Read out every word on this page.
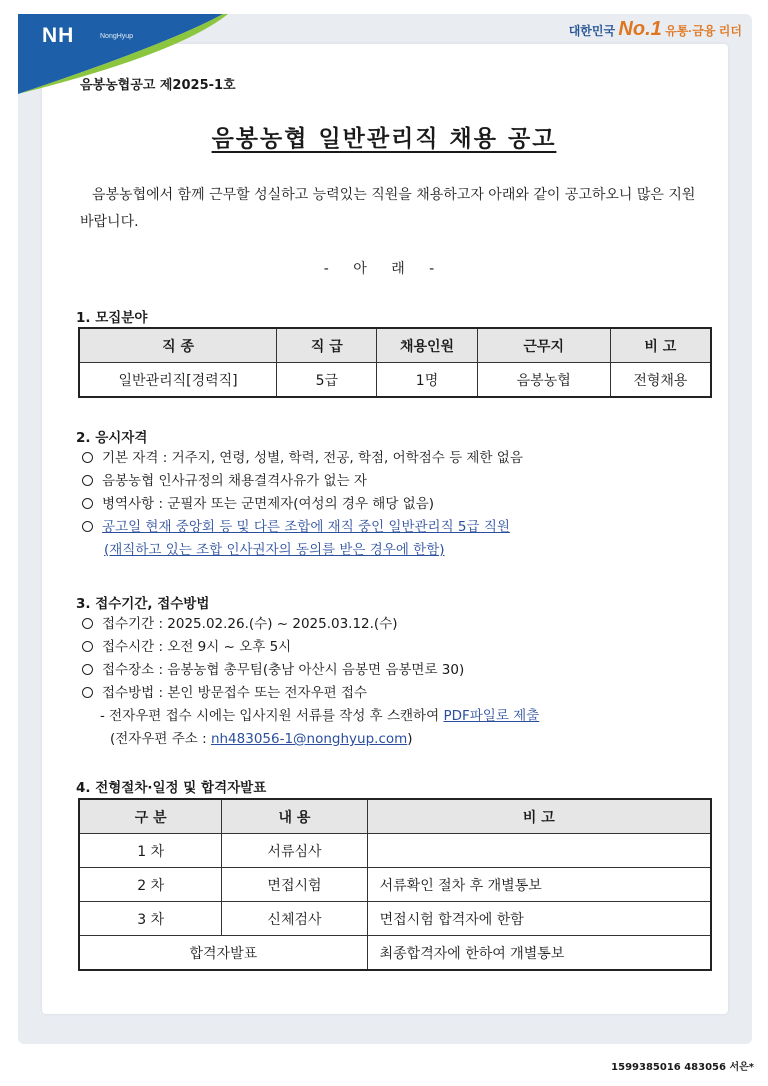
NH	NongHyup	대한민국 No.1 유통·금융 리더
음봉농협공고 제2025-1호
음봉농협 일반관리직 채용 공고
음봉농협에서 함께 근무할 성실하고 능력있는 직원을 채용하고자 아래와 같이 공고하오니 많은 지원바랍니다.
- 아 래 -
1. 모집분야
직 종	직 급	채용인원	근무지	비 고
일반관리직[경력직]	5급	1명	음봉농협	전형채용
2. 응시자격
기본 자격 : 거주지, 연령, 성별, 학력, 전공, 학점, 어학점수 등 제한 없음
음봉농협 인사규정의 채용결격사유가 없는 자
병역사항 : 군필자 또는 군면제자(여성의 경우 해당 없음)
공고일 현재 중앙회 등 및 다른 조합에 재직 중인 일반관리직 5급 직원
(재직하고 있는 조합 인사권자의 동의를 받은 경우에 한함)
3. 접수기간, 접수방법
접수기간 : 2025.02.26.(수) ~ 2025.03.12.(수)
접수시간 : 오전 9시 ~ 오후 5시
접수장소 : 음봉농협 총무팀(충남 아산시 음봉면 음봉면로 30)
접수방법 : 본인 방문접수 또는 전자우편 접수
- 전자우편 접수 시에는 입사지원 서류를 작성 후 스캔하여 PDF파일로 제출
(전자우편 주소 : nh483056-1@nonghyup.com)
4. 전형절차·일정 및 합격자발표
구 분	내 용	비 고
1 차	서류심사	
2 차	면접시험	서류확인 절차 후 개별통보
3 차	신체검사	면접시험 합격자에 한함
합격자발표		최종합격자에 한하여 개별통보
1599385016 483056 서은*
